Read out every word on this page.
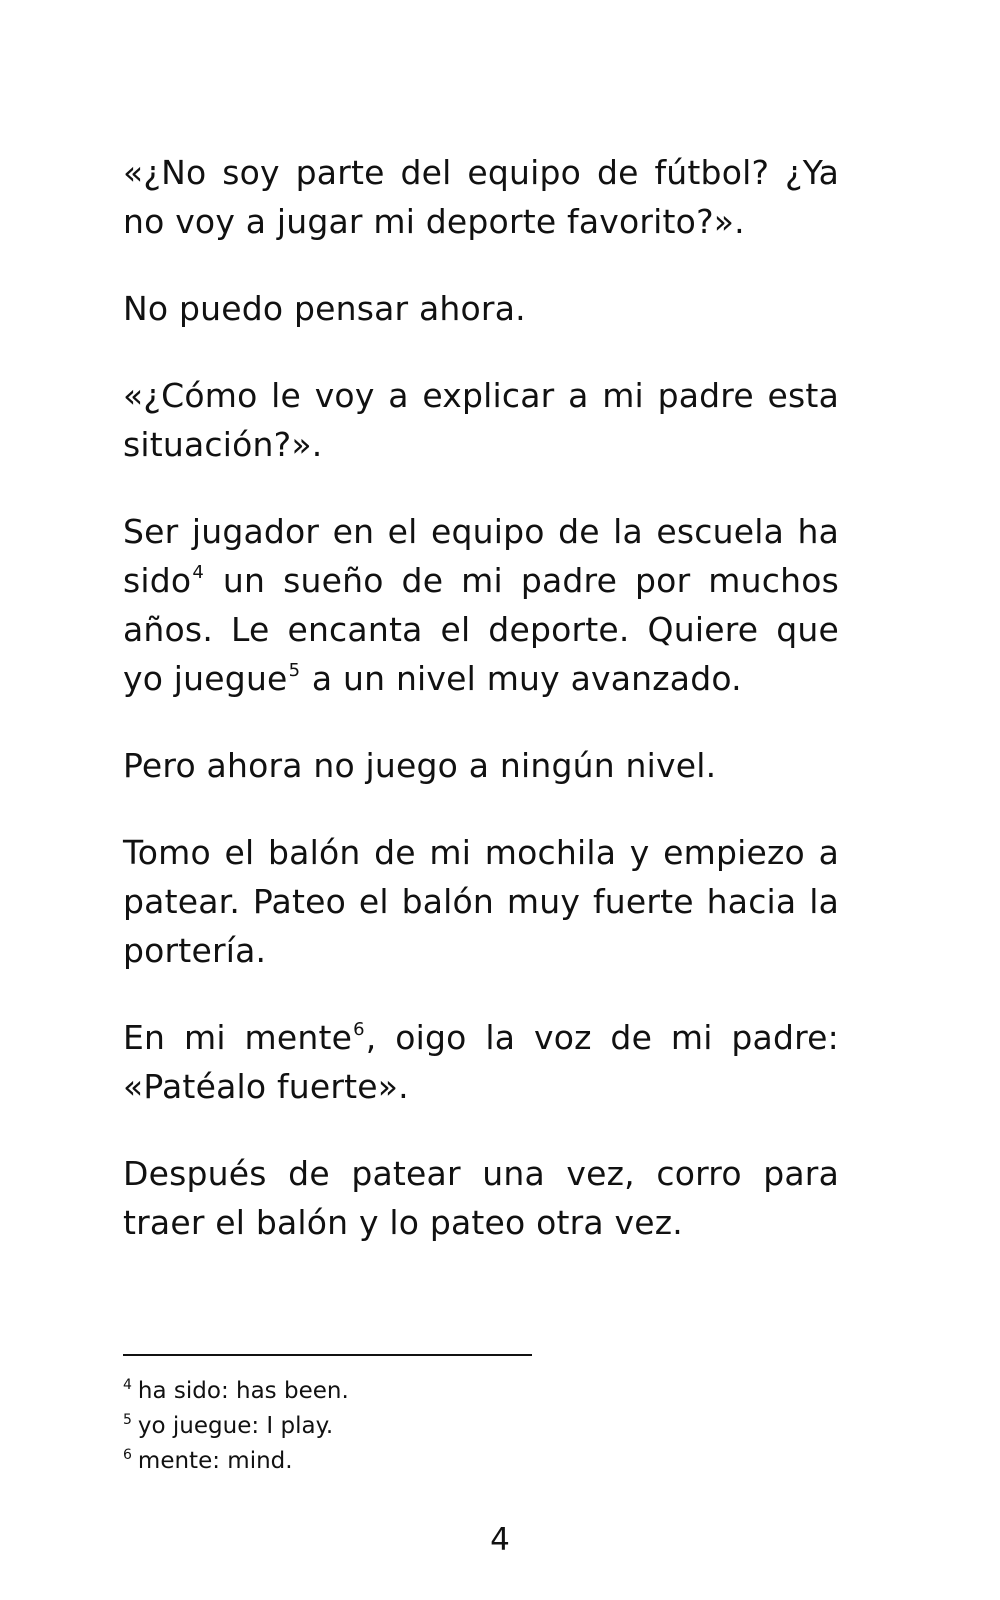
«¿No soy parte del equipo de fútbol? ¿Ya no voy a jugar mi deporte favorito?».

No puedo pensar ahora.

«¿Cómo le voy a explicar a mi padre esta situación?».

Ser jugador en el equipo de la escuela ha sido$^4$ un sueño de mi padre por muchos años. Le encanta el deporte. Quiere que yo juegue$^5$ a un nivel muy avanzado.

Pero ahora no juego a ningún nivel.

Tomo el balón de mi mochila y empiezo a patear. Pateo el balón muy fuerte hacia la portería.

En mi mente$^6$, oigo la voz de mi padre: «Patéalo fuerte».

Después de patear una vez, corro para traer el balón y lo pateo otra vez.

$^4$ ha sido: has been.

$^5$ yo juegue: I play.

$^6$ mente: mind.

4
